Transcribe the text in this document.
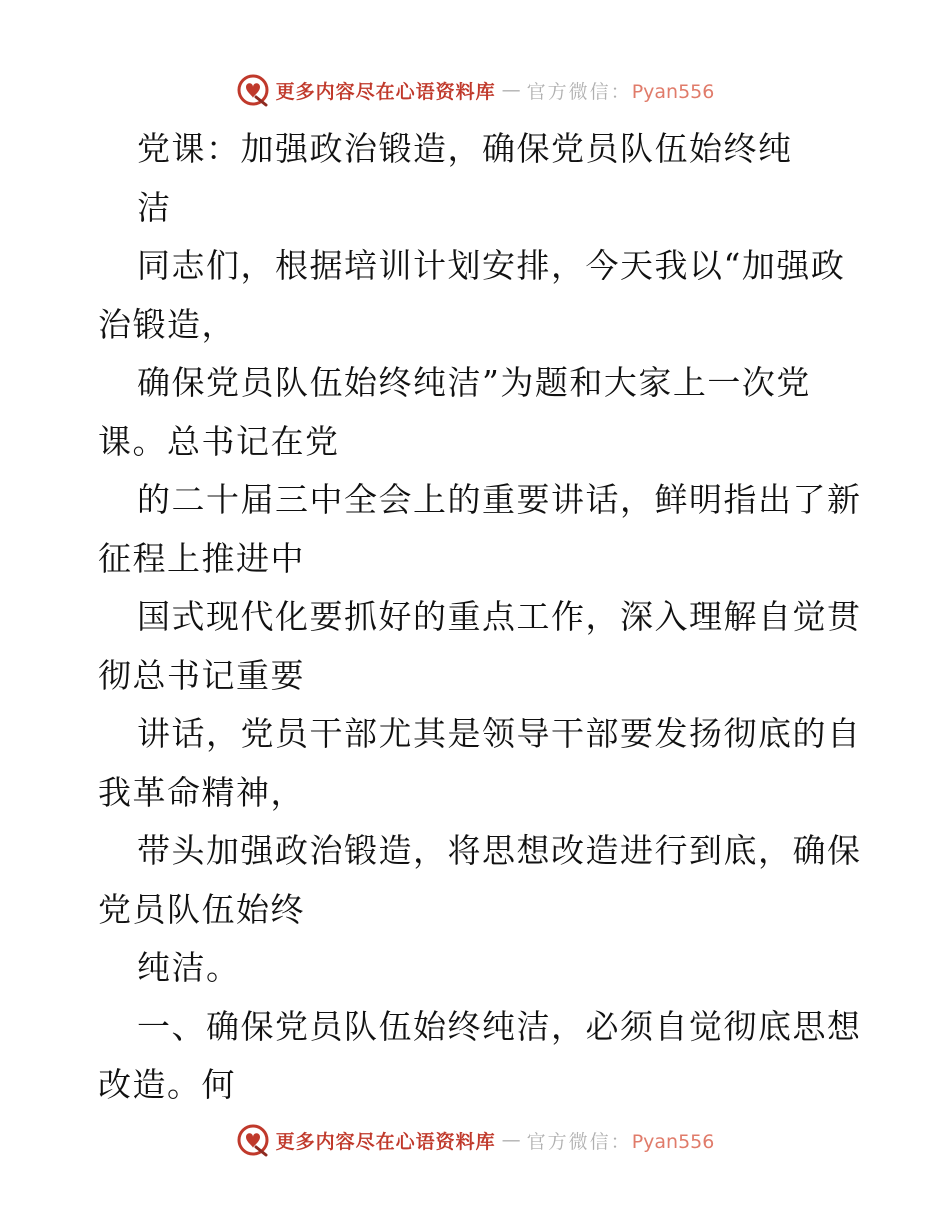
更多内容尽在心语资料库 — 官方微信：Pyan556
党课：加强政治锻造，确保党员队伍始终纯
洁
同志们，根据培训计划安排，今天我以“加强政
治锻造，
确保党员队伍始终纯洁”为题和大家上一次党
课。总书记在党
的二十届三中全会上的重要讲话，鲜明指出了新
征程上推进中
国式现代化要抓好的重点工作，深入理解自觉贯
彻总书记重要
讲话，党员干部尤其是领导干部要发扬彻底的自
我革命精神，
带头加强政治锻造，将思想改造进行到底，确保
党员队伍始终
纯洁。
一、确保党员队伍始终纯洁，必须自觉彻底思想
改造。何
更多内容尽在心语资料库 — 官方微信：Pyan556
